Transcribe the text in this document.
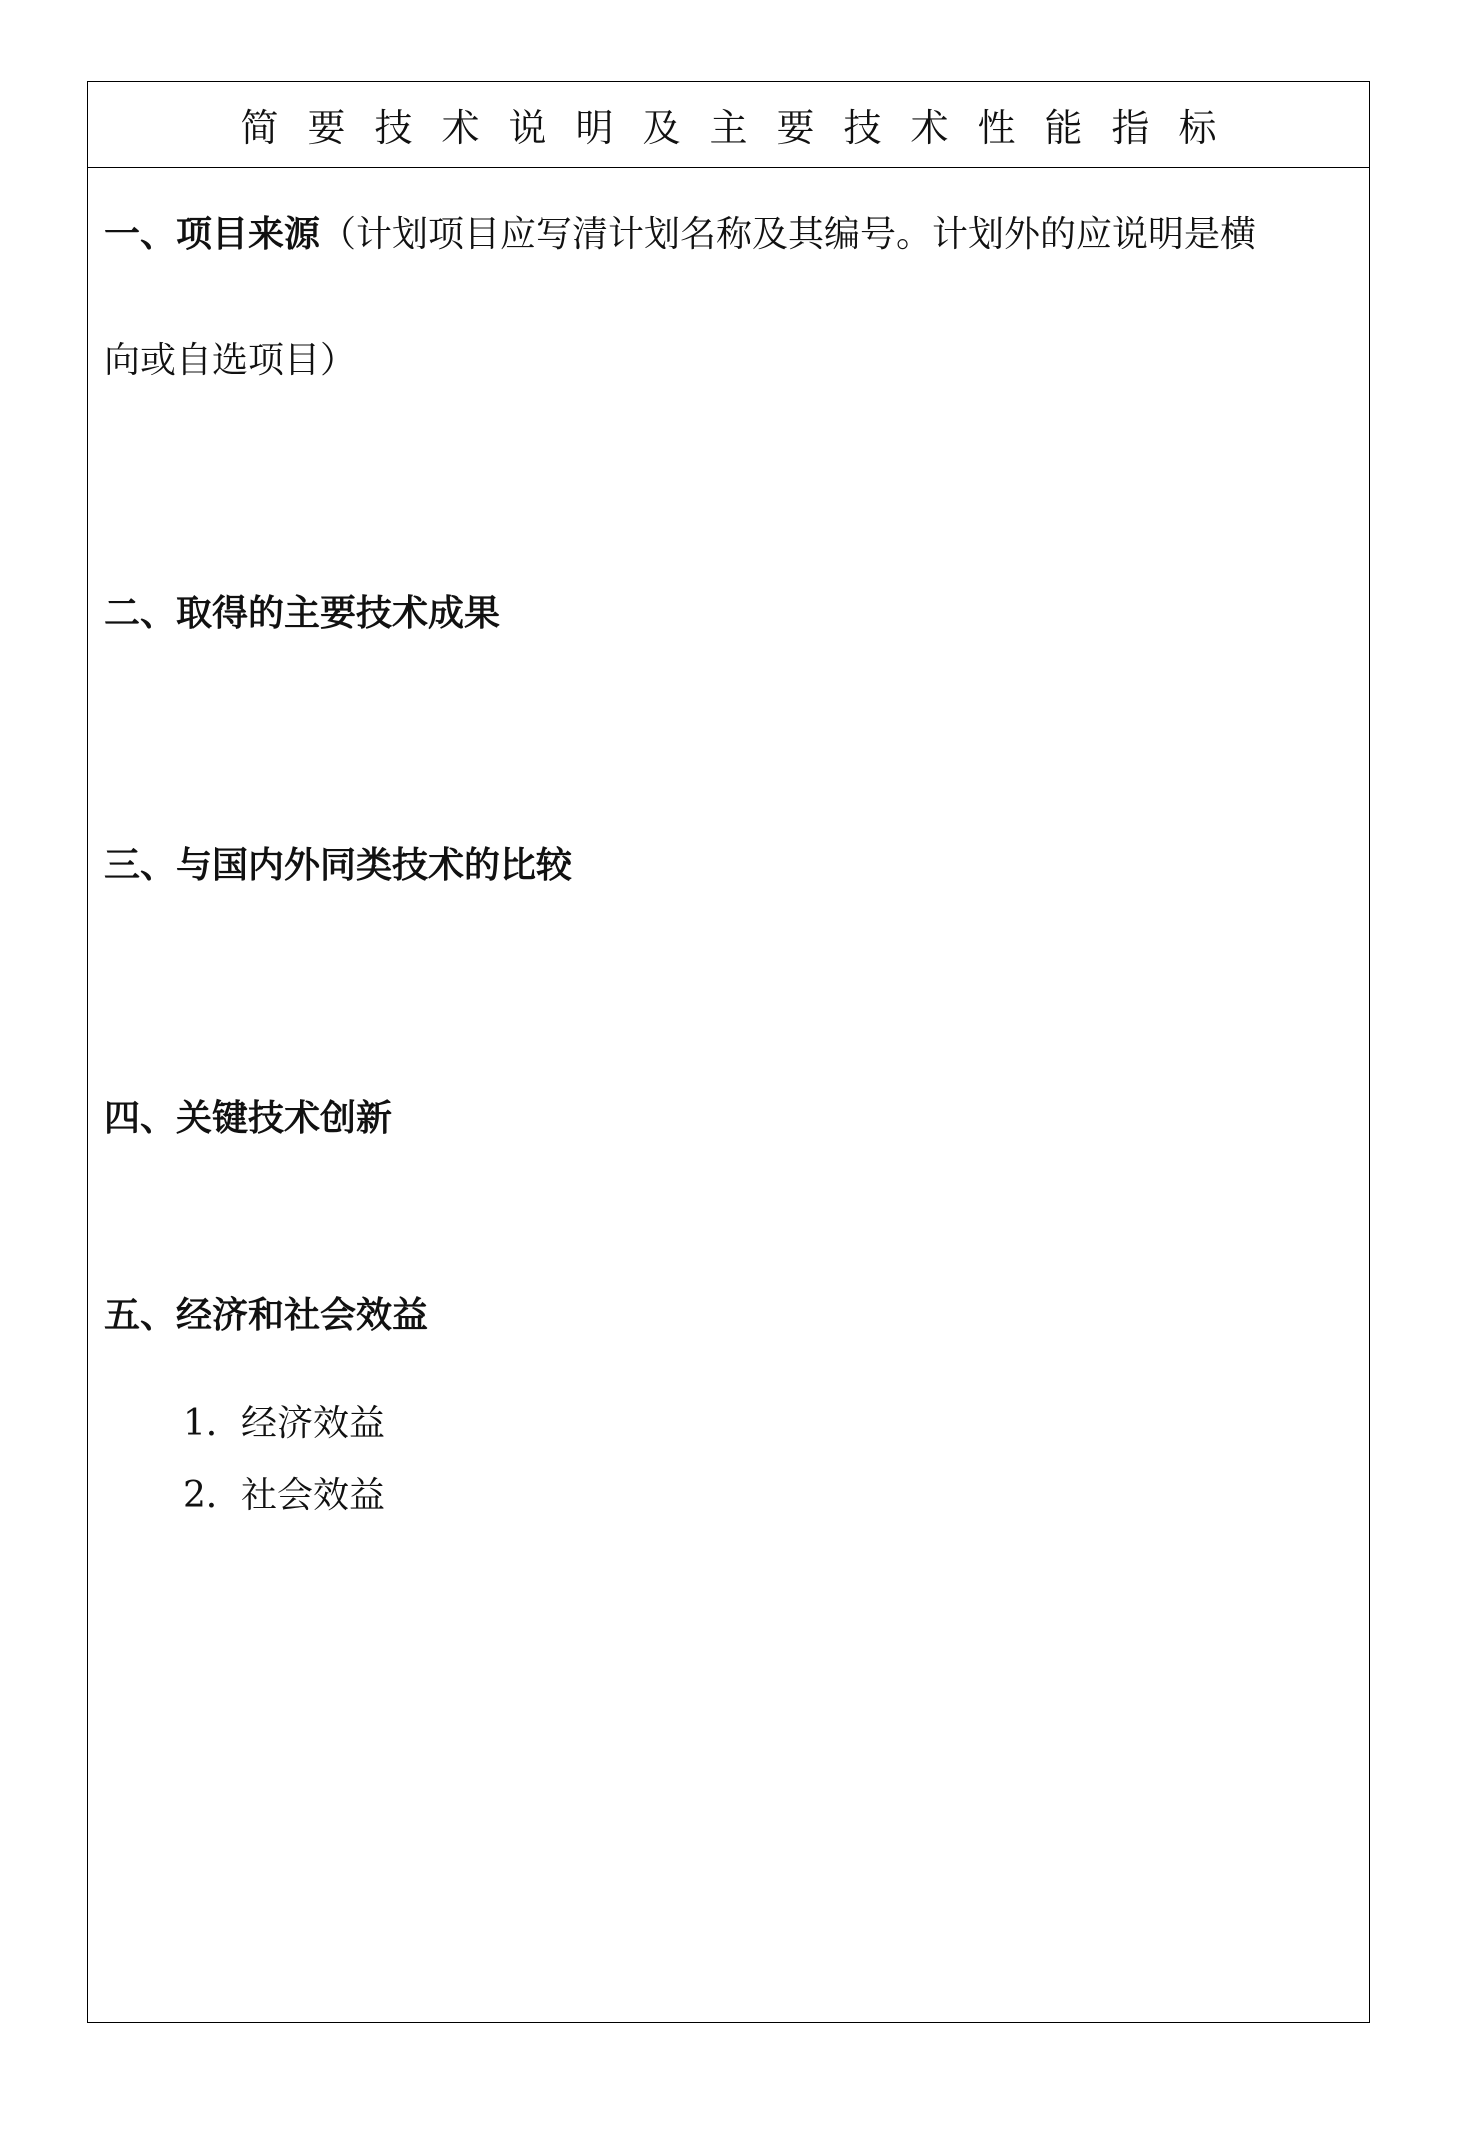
简要技术说明及主要技术性能指标
一、项目来源（计划项目应写清计划名称及其编号。计划外的应说明是横
向或自选项目）
二、取得的主要技术成果
三、与国内外同类技术的比较
四、关键技术创新
五、经济和社会效益
1．经济效益
2．社会效益
